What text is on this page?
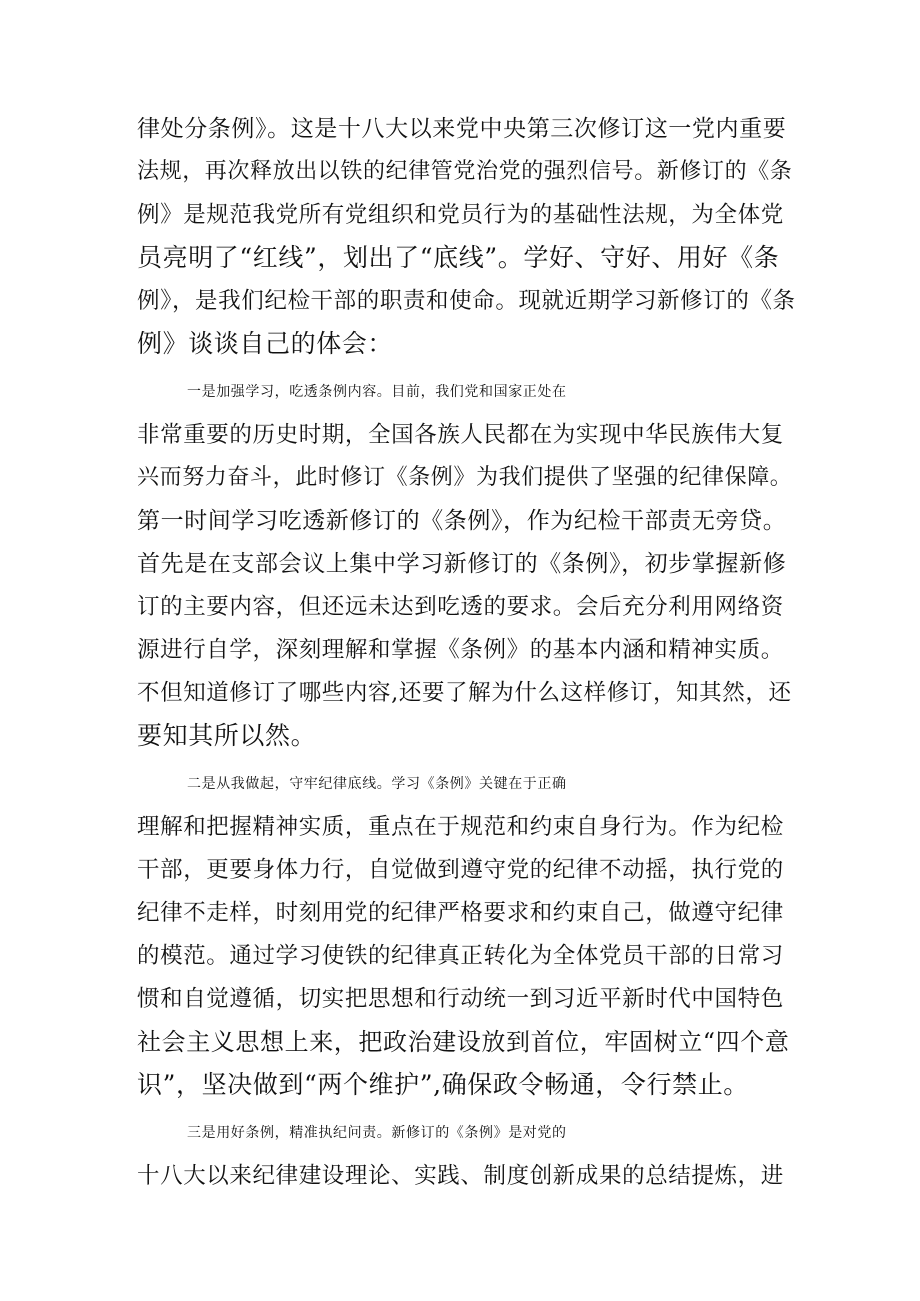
律处分条例》。这是十八大以来党中央第三次修订这一党内重要
法规，再次释放出以铁的纪律管党治党的强烈信号。新修订的《条
例》是规范我党所有党组织和党员行为的基础性法规，为全体党
员亮明了“红线”，划出了“底线”。学好、守好、用好《条
例》，是我们纪检干部的职责和使命。现就近期学习新修订的《条
例》谈谈自己的体会：
一是加强学习，吃透条例内容。目前，我们党和国家正处在
非常重要的历史时期，全国各族人民都在为实现中华民族伟大复
兴而努力奋斗，此时修订《条例》为我们提供了坚强的纪律保障。
第一时间学习吃透新修订的《条例》，作为纪检干部责无旁贷。
首先是在支部会议上集中学习新修订的《条例》，初步掌握新修
订的主要内容，但还远未达到吃透的要求。会后充分利用网络资
源进行自学，深刻理解和掌握《条例》的基本内涵和精神实质。
不但知道修订了哪些内容,还要了解为什么这样修订，知其然，还
要知其所以然。
二是从我做起，守牢纪律底线。学习《条例》关键在于正确
理解和把握精神实质，重点在于规范和约束自身行为。作为纪检
干部，更要身体力行，自觉做到遵守党的纪律不动摇，执行党的
纪律不走样，时刻用党的纪律严格要求和约束自己，做遵守纪律
的模范。通过学习使铁的纪律真正转化为全体党员干部的日常习
惯和自觉遵循，切实把思想和行动统一到习近平新时代中国特色
社会主义思想上来，把政治建设放到首位，牢固树立“四个意
识”，坚决做到“两个维护”,确保政令畅通，令行禁止。
三是用好条例，精准执纪问责。新修订的《条例》是对党的
十八大以来纪律建设理论、实践、制度创新成果的总结提炼，进
